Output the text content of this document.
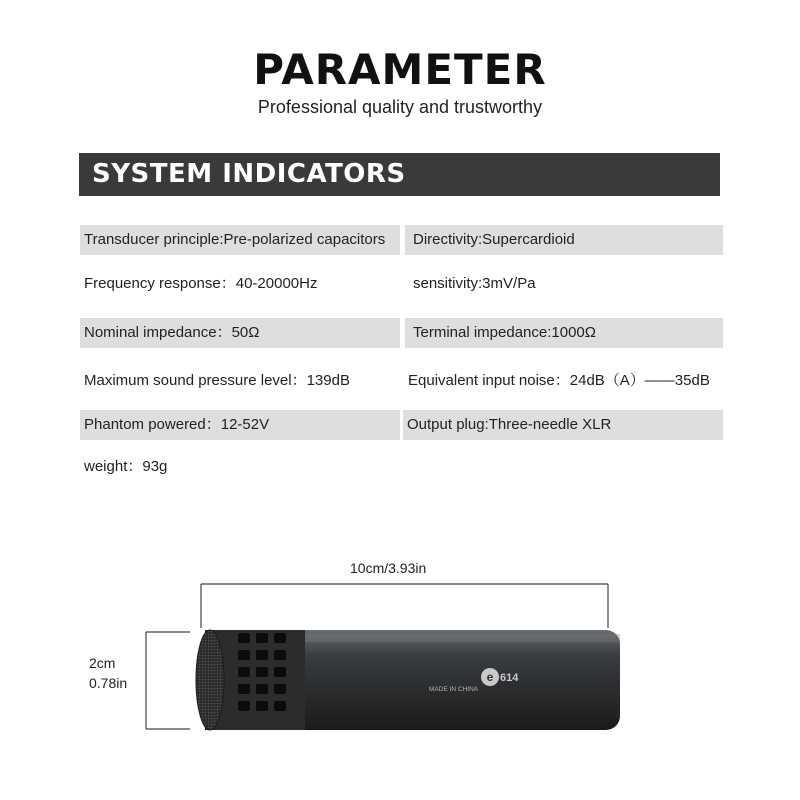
PARAMETER
Professional quality and trustworthy
SYSTEM INDICATORS
Transducer principle:Pre-polarized capacitors	Directivity:Supercardioid
Frequency response：40-20000Hz	sensitivity:3mV/Pa
Nominal impedance：50Ω	Terminal impedance:1000Ω
Maximum sound pressure level：139dB	Equivalent input noise：24dB（A）——35dB
Phantom powered：12-52V	Output plug:Three-needle XLR
weight：93g
10cm/3.93in
2cm
0.78in	e
MADE IN CHINA
614
